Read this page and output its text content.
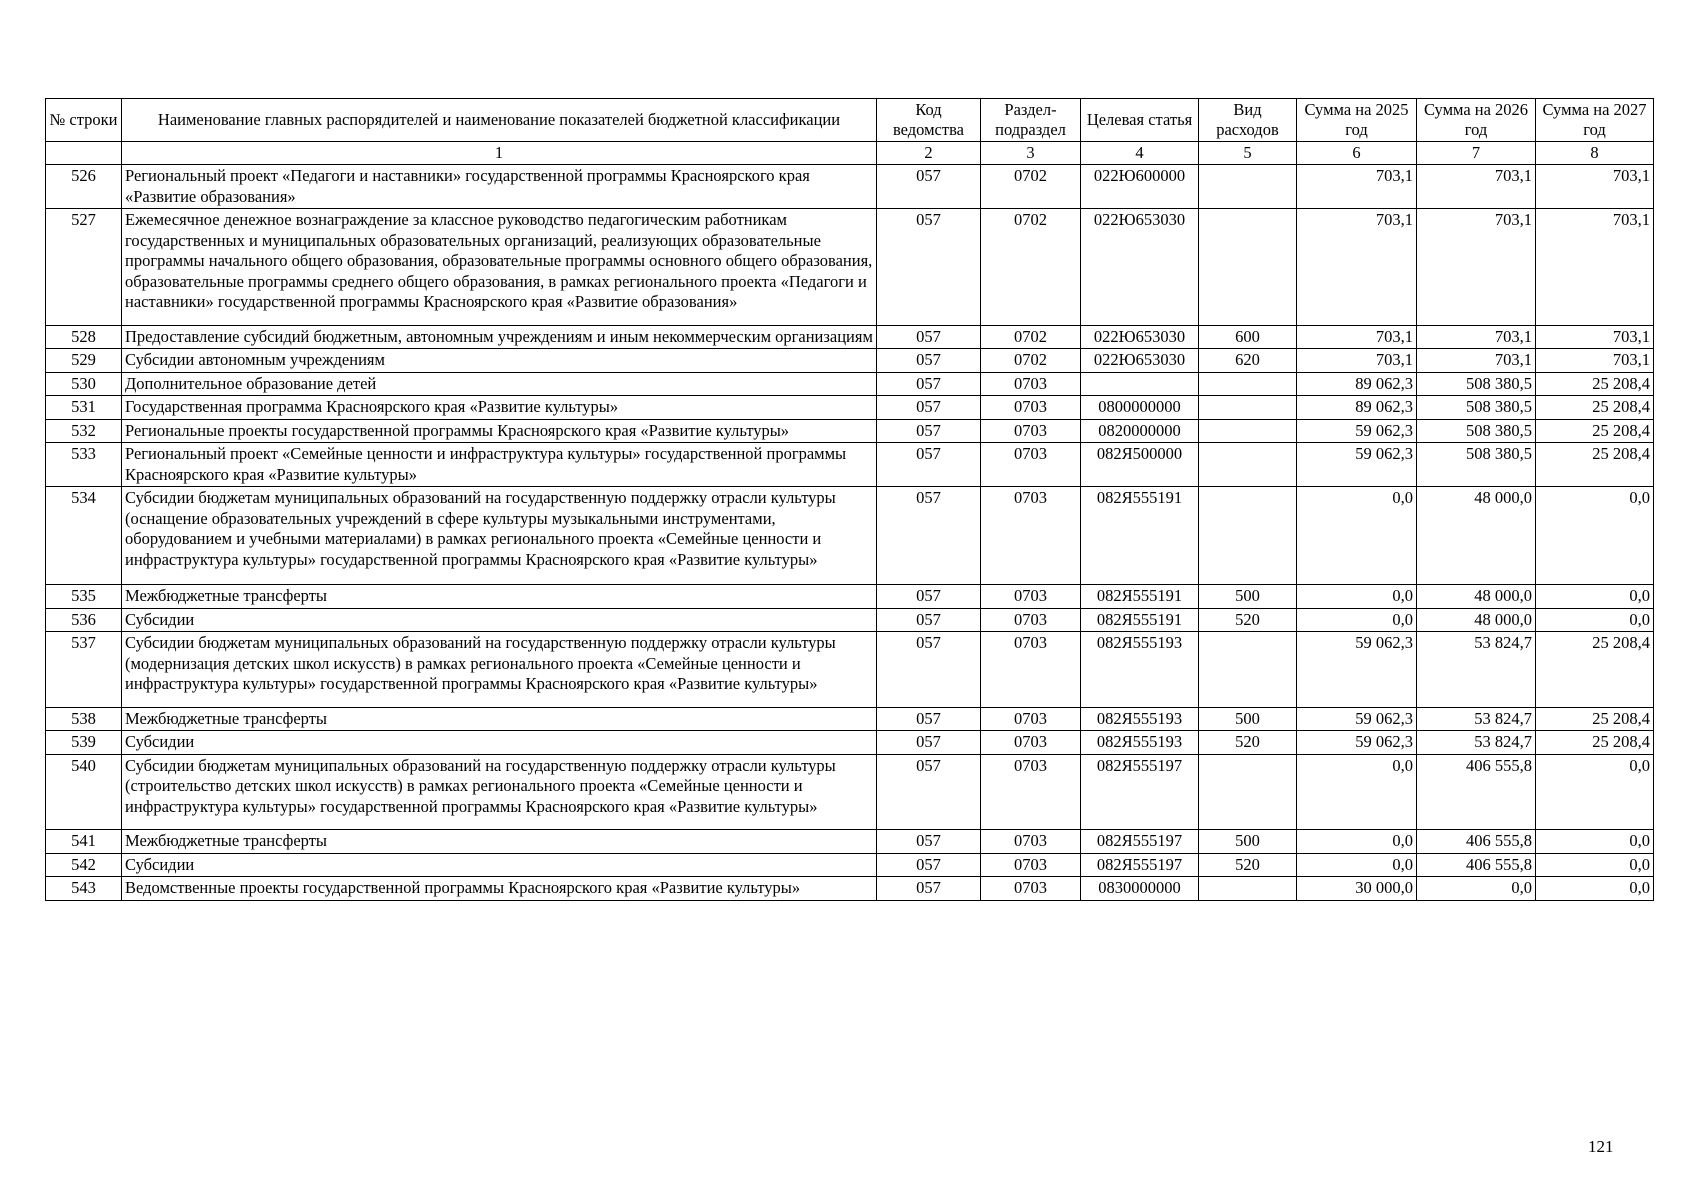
№ строки	Наименование главных распорядителей и наименование показателей бюджетной классификации	Код ведомства	Раздел-подраздел	Целевая статья	Вид расходов	Сумма на 2025 год	Сумма на 2026 год	Сумма на 2027 год
	1	2	3	4	5	6	7	8
526	Региональный проект «Педагоги и наставники» государственной программы Красноярского края «Развитие образования»	057	0702	022Ю600000		703,1	703,1	703,1
527	Ежемесячное денежное вознаграждение за классное руководство педагогическим работникам государственных и муниципальных образовательных организаций, реализующих образовательные программы начального общего образования, образовательные программы основного общего образования, образовательные программы среднего общего образования, в рамках регионального проекта «Педагоги и наставники» государственной программы Красноярского края «Развитие образования»	057	0702	022Ю653030		703,1	703,1	703,1
528	Предоставление субсидий бюджетным, автономным учреждениям и иным некоммерческим организациям	057	0702	022Ю653030	600	703,1	703,1	703,1
529	Субсидии автономным учреждениям	057	0702	022Ю653030	620	703,1	703,1	703,1
530	Дополнительное образование детей	057	0703			89 062,3	508 380,5	25 208,4
531	Государственная программа Красноярского края «Развитие культуры»	057	0703	0800000000		89 062,3	508 380,5	25 208,4
532	Региональные проекты государственной программы Красноярского края «Развитие культуры»	057	0703	0820000000		59 062,3	508 380,5	25 208,4
533	Региональный проект «Семейные ценности и инфраструктура культуры» государственной программы Красноярского края «Развитие культуры»	057	0703	082Я500000		59 062,3	508 380,5	25 208,4
534	Субсидии бюджетам муниципальных образований на государственную поддержку отрасли культуры (оснащение образовательных учреждений в сфере культуры музыкальными инструментами, оборудованием и учебными материалами) в рамках регионального проекта «Семейные ценности и инфраструктура культуры» государственной программы Красноярского края «Развитие культуры»	057	0703	082Я555191		0,0	48 000,0	0,0
535	Межбюджетные трансферты	057	0703	082Я555191	500	0,0	48 000,0	0,0
536	Субсидии	057	0703	082Я555191	520	0,0	48 000,0	0,0
537	Субсидии бюджетам муниципальных образований на государственную поддержку отрасли культуры (модернизация детских школ искусств) в рамках регионального проекта «Семейные ценности и инфраструктура культуры» государственной программы Красноярского края «Развитие культуры»	057	0703	082Я555193		59 062,3	53 824,7	25 208,4
538	Межбюджетные трансферты	057	0703	082Я555193	500	59 062,3	53 824,7	25 208,4
539	Субсидии	057	0703	082Я555193	520	59 062,3	53 824,7	25 208,4
540	Субсидии бюджетам муниципальных образований на государственную поддержку отрасли культуры (строительство детских школ искусств) в рамках регионального проекта «Семейные ценности и инфраструктура культуры» государственной программы Красноярского края «Развитие культуры»	057	0703	082Я555197		0,0	406 555,8	0,0
541	Межбюджетные трансферты	057	0703	082Я555197	500	0,0	406 555,8	0,0
542	Субсидии	057	0703	082Я555197	520	0,0	406 555,8	0,0
543	Ведомственные проекты государственной программы Красноярского края «Развитие культуры»	057	0703	0830000000		30 000,0	0,0	0,0
121
